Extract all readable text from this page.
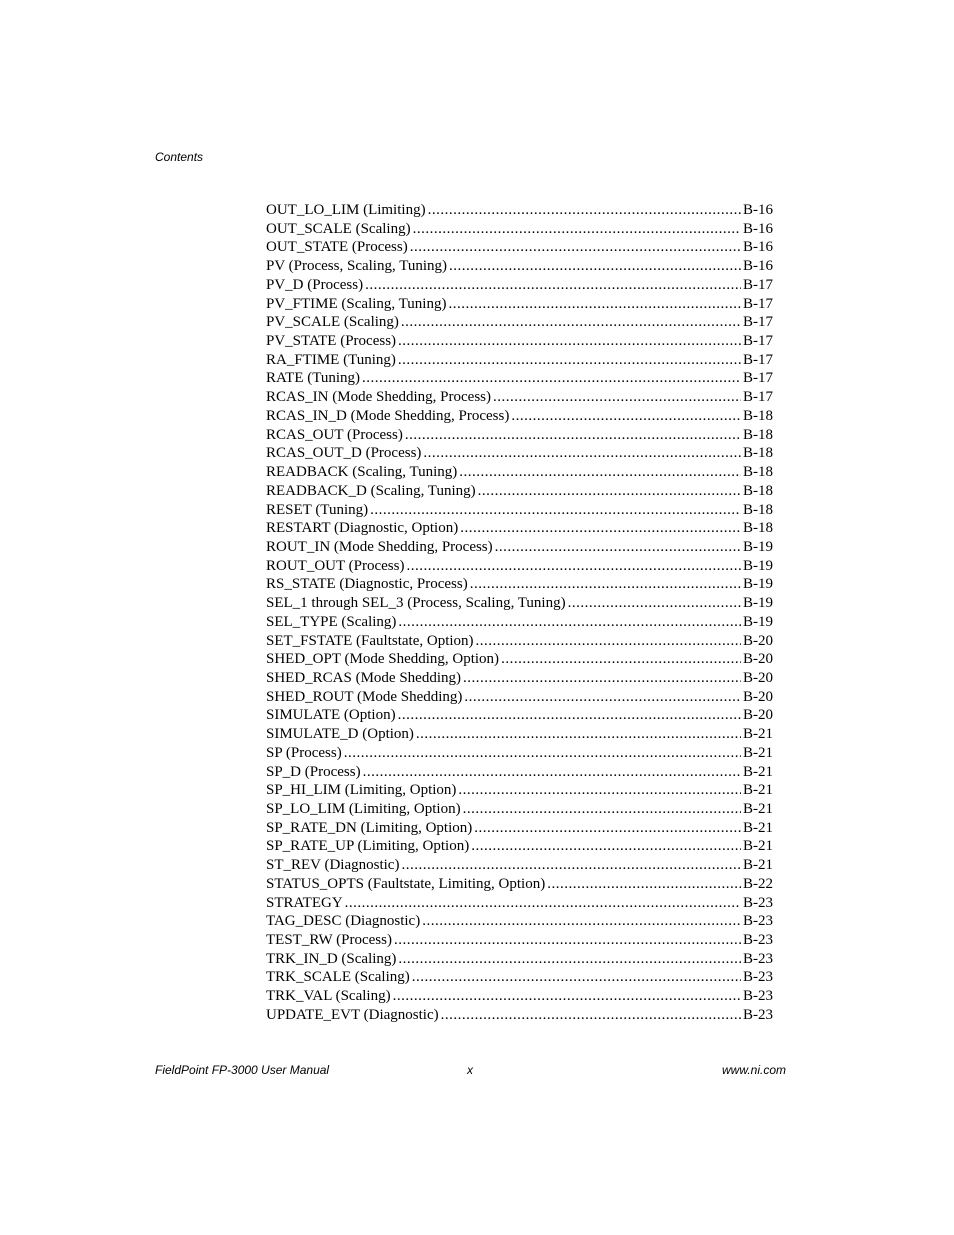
Contents
OUT_LO_LIM (Limiting) .....	B-16
OUT_SCALE (Scaling) .....	B-16
OUT_STATE (Process) .....	B-16
PV (Process, Scaling, Tuning) .....	B-16
PV_D (Process) .....	B-17
PV_FTIME (Scaling, Tuning) .....	B-17
PV_SCALE (Scaling) .....	B-17
PV_STATE (Process) .....	B-17
RA_FTIME (Tuning) .....	B-17
RATE (Tuning) .....	B-17
RCAS_IN (Mode Shedding, Process) .....	B-17
RCAS_IN_D (Mode Shedding, Process) .....	B-18
RCAS_OUT (Process) .....	B-18
RCAS_OUT_D (Process) .....	B-18
READBACK (Scaling, Tuning) .....	B-18
READBACK_D (Scaling, Tuning) .....	B-18
RESET (Tuning) .....	B-18
RESTART (Diagnostic, Option) .....	B-18
ROUT_IN (Mode Shedding, Process) .....	B-19
ROUT_OUT (Process) .....	B-19
RS_STATE (Diagnostic, Process) .....	B-19
SEL_1 through SEL_3 (Process, Scaling, Tuning) .....	B-19
SEL_TYPE (Scaling) .....	B-19
SET_FSTATE (Faultstate, Option) .....	B-20
SHED_OPT (Mode Shedding, Option) .....	B-20
SHED_RCAS (Mode Shedding) .....	B-20
SHED_ROUT (Mode Shedding) .....	B-20
SIMULATE (Option) .....	B-20
SIMULATE_D (Option) .....	B-21
SP (Process) .....	B-21
SP_D (Process) .....	B-21
SP_HI_LIM (Limiting, Option) .....	B-21
SP_LO_LIM (Limiting, Option) .....	B-21
SP_RATE_DN (Limiting, Option) .....	B-21
SP_RATE_UP (Limiting, Option) .....	B-21
ST_REV (Diagnostic) .....	B-21
STATUS_OPTS (Faultstate, Limiting, Option) .....	B-22
STRATEGY .....	B-23
TAG_DESC (Diagnostic) .....	B-23
TEST_RW (Process) .....	B-23
TRK_IN_D (Scaling) .....	B-23
TRK_SCALE (Scaling) .....	B-23
TRK_VAL (Scaling) .....	B-23
UPDATE_EVT (Diagnostic) .....	B-23
FieldPoint FP-3000 User Manual	x	www.ni.com
